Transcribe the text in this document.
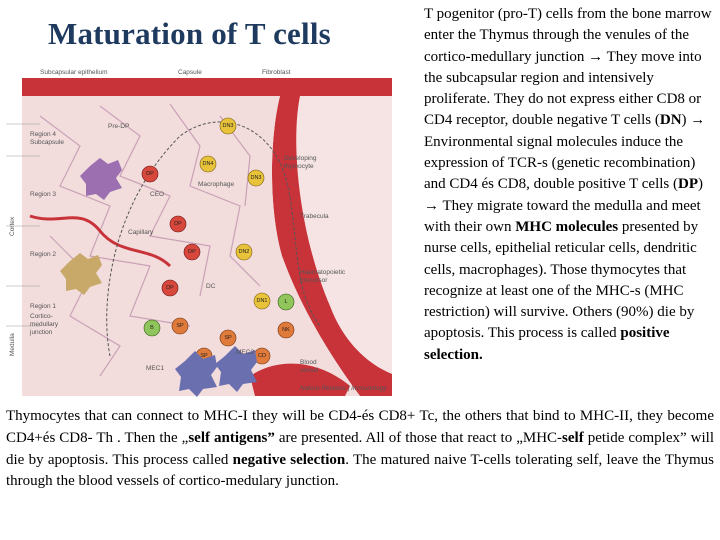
Maturation of T cells
DN3
DN3
DN4
DN2
DN1
DP
DP
DP
DP
SP
SP
SP
B
L
NK
CD
Subcapsular epithelium	Capsule	Fibroblast
Region 4
Subcapsule
Region 3
Region 2
Region 1
Cortico-
medullary
junction
Cortex
Medulla
Pre-DP
Developing
thymocyte
Macrophage
CEO
Trabecula
Capillary
DC
Haematopoietic
precursor
MEC1
MEC2
Blood
vessel
Nature Reviews | Immunology
T pogenitor (pro-T) cells from the bone marrow enter the Thymus through the venules of the cortico-medullary junction → They move into the subcapsular region and intensively proliferate. They do not express either CD8 or CD4 receptor, double negative T cells (DN) → Environmental signal molecules induce the expression of TCR-s (genetic recombination) and CD4 és CD8, double positive T cells (DP) → They migrate toward the medulla and meet with their own MHC molecules presented by nurse cells, epithelial reticular cells, dendritic cells, macrophages). Those thymocytes that recognize at least one of the MHC-s (MHC restriction) will survive. Others (90%) die by apoptosis. This process is called positive selection.
Thymocytes that can connect to MHC-I they will be CD4-és CD8+ Tc, the others that bind to MHC-II, they become CD4+és CD8- Th . Then the „self antigens” are presented. All of those that react to „MHC-self petide complex” will die by apoptosis. This process called negative selection. The matured naive T-cells tolerating self, leave the Thymus through the blood vessels of cortico-medulary junction.
